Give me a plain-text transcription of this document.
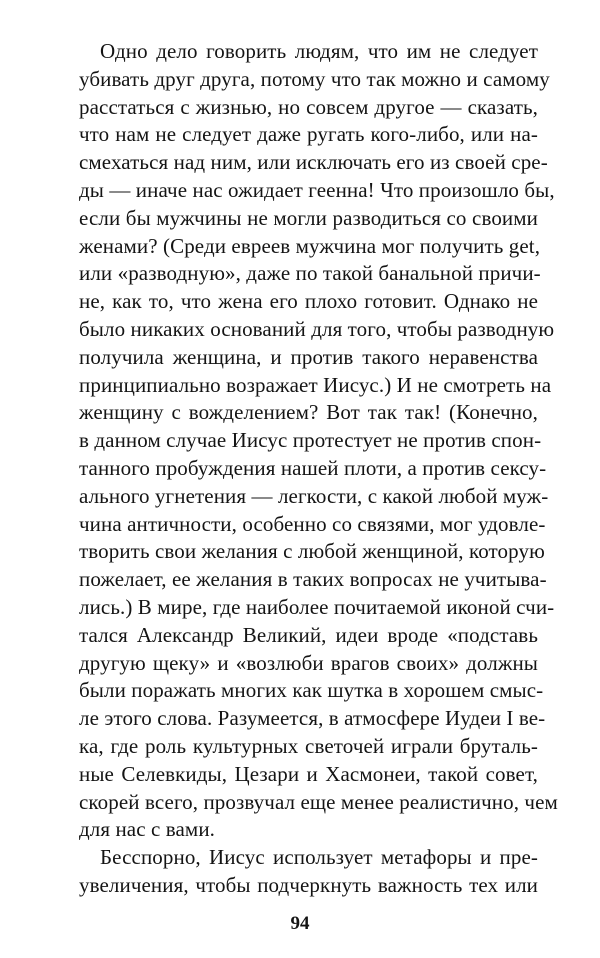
Одно дело говорить людям, что им не следует
убивать друг друга, потому что так можно и самому
расстаться с жизнью, но совсем другое — сказать,
что нам не следует даже ругать кого-либо, или на-
смехаться над ним, или исключать его из своей сре-
ды — иначе нас ожидает геенна! Что произошло бы,
если бы мужчины не могли разводиться со своими
женами? (Среди евреев мужчина мог получить get,
или «разводную», даже по такой банальной причи-
не, как то, что жена его плохо готовит. Однако не
было никаких оснований для того, чтобы разводную
получила женщина, и против такого неравенства
принципиально возражает Иисус.) И не смотреть на
женщину с вожделением? Вот так так! (Конечно,
в данном случае Иисус протестует не против спон-
танного пробуждения нашей плоти, а против сексу-
ального угнетения — легкости, с какой любой муж-
чина античности, особенно со связями, мог удовле-
творить свои желания с любой женщиной, которую
пожелает, ее желания в таких вопросах не учитыва-
лись.) В мире, где наиболее почитаемой иконой счи-
тался Александр Великий, идеи вроде «подставь
другую щеку» и «возлюби врагов своих» должны
были поражать многих как шутка в хорошем смыс-
ле этого слова. Разумеется, в атмосфере Иудеи I ве-
ка, где роль культурных светочей играли бруталь-
ные Селевкиды, Цезари и Хасмонеи, такой совет,
скорей всего, прозвучал еще менее реалистично, чем
для нас с вами.
Бесспорно, Иисус использует метафоры и пре-
увеличения, чтобы подчеркнуть важность тех или
94
